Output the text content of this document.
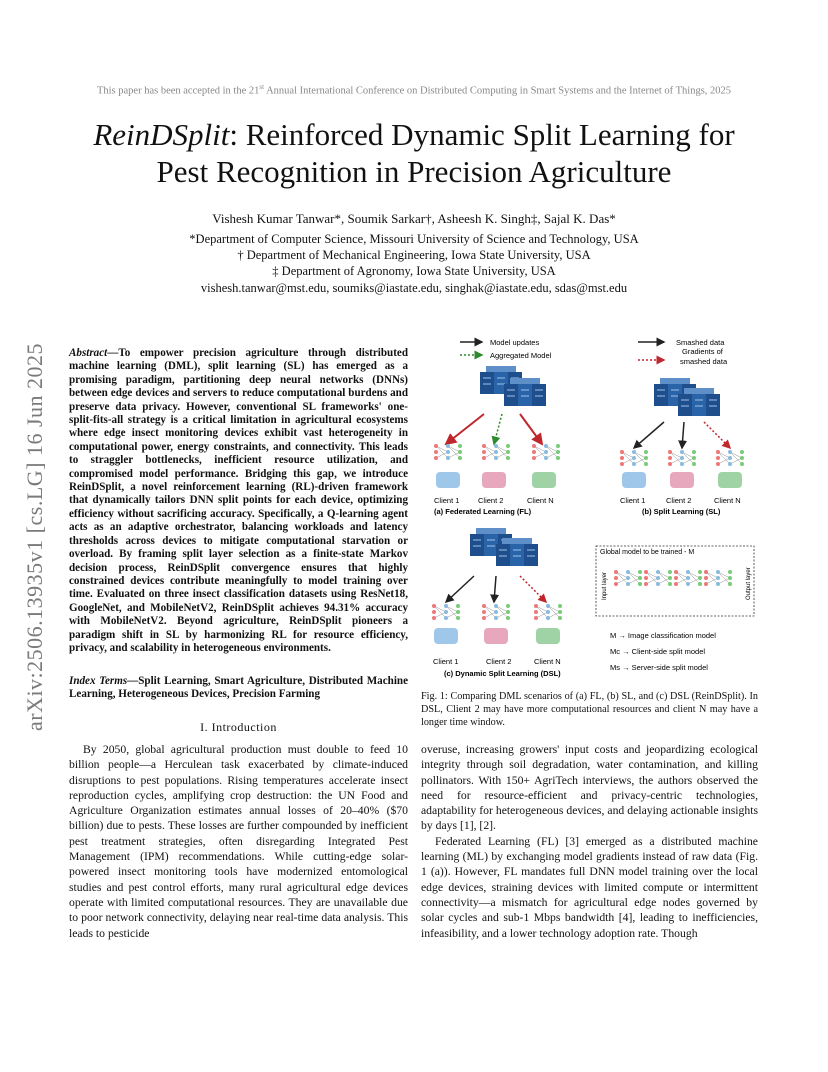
This paper has been accepted in the 21st Annual International Conference on Distributed Computing in Smart Systems and the Internet of Things, 2025
ReinDSplit: Reinforced Dynamic Split Learning for
Pest Recognition in Precision Agriculture
Vishesh Kumar Tanwar*, Soumik Sarkar†, Asheesh K. Singh‡, Sajal K. Das*
*Department of Computer Science, Missouri University of Science and Technology, USA
† Department of Mechanical Engineering, Iowa State University, USA
‡ Department of Agronomy, Iowa State University, USA
vishesh.tanwar@mst.edu, soumiks@iastate.edu, singhak@iastate.edu, sdas@mst.edu
arXiv:2506.13935v1 [cs.LG] 16 Jun 2025 Abstract—To empower precision agriculture through distributed machine learning (DML), split learning (SL) has emerged as a promising paradigm, partitioning deep neural networks (DNNs) between edge devices and servers to reduce computational burdens and preserve data privacy. However, conventional SL frameworks' one-split-fits-all strategy is a critical limitation in agricultural ecosystems where edge insect monitoring devices exhibit vast heterogeneity in computational power, energy constraints, and connectivity. This leads to straggler bottlenecks, inefficient resource utilization, and compromised model performance. Bridging this gap, we introduce ReinDSplit, a novel reinforcement learning (RL)-driven framework that dynamically tailors DNN split points for each device, optimizing efficiency without sacrificing accuracy. Specifically, a Q-learning agent acts as an adaptive orchestrator, balancing workloads and latency thresholds across devices to mitigate computational starvation or overload. By framing split layer selection as a finite-state Markov decision process, ReinDSplit convergence ensures that highly constrained devices contribute meaningfully to model training over time. Evaluated on three insect classification datasets using ResNet18, GoogleNet, and MobileNetV2, ReinDSplit achieves 94.31% accuracy with MobileNetV2. Beyond agriculture, ReinDSplit pioneers a paradigm shift in SL by harmonizing RL for resource efficiency, privacy, and scalability in heterogeneous environments.
Index Terms—Split Learning, Smart Agriculture, Distributed Machine Learning, Heterogeneous Devices, Precision Farming
I. Introduction

By 2050, global agricultural production must double to feed 10 billion people—a Herculean task exacerbated by climate-induced disruptions to pest populations. Rising temperatures accelerate insect reproduction cycles, amplifying crop destruction: the UN Food and Agriculture Organization estimates annual losses of 20–40% ($70 billion) due to pests. These losses are further compounded by inefficient pest treatment strategies, often disregarding Integrated Pest Management (IPM) recommendations. While cutting-edge solar-powered insect monitoring tools have modernized entomological studies and pest control efforts, many rural agricultural edge devices operate with limited computational resources. They are unavailable due to poor network connectivity, delaying near real-time data analysis. This leads to pesticide

overuse, increasing growers' input costs and jeopardizing ecological integrity through soil degradation, water contamination, and killing pollinators. With 150+ AgriTech interviews, the authors observed the need for resource-efficient and privacy-centric technologies, adaptability for heterogeneous devices, and delaying actionable insights by days [1], [2].

Federated Learning (FL) [3] emerged as a distributed machine learning (ML) by exchanging model gradients instead of raw data (Fig. 1 (a)). However, FL mandates full DNN model training over the local edge devices, straining devices with limited compute or intermittent connectivity—a mismatch for agricultural edge nodes governed by solar cycles and sub-1 Mbps bandwidth [4], leading to inefficiencies, infeasibility, and a lower technology adoption rate. Though

Fig. 1: Comparing DML scenarios of (a) FL, (b) SL, and (c) DSL (ReinDSplit). In DSL, Client 2 may have more computational resources and client N may have a longer time window.
Model updates
Aggregated Model
Client 1 Client 2	Client N
(a) Federated Learning (FL)
Smashed data
Gradients of
smashed data
Client 1	Client 2	Client N
(b) Split Learning (SL)
Client 1	Client 2	Client N
(c) Dynamic Split Learning (DSL)
Global model to be trained - M
Input layer	Output layer
M → Image classification model
Mc → Client-side split model
Ms → Server-side split model
